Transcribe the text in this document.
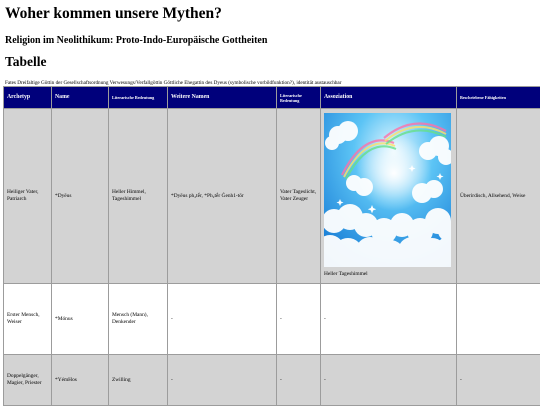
Woher kommen unsere Mythen?
Religion im Neolithikum: Proto-Indo-Europäische Gottheiten
Tabelle
Fates Dreifaltige Göttin der Gesellschaftsordnung Verwesungs/Verfallgöttin Göttliche Ehegattin des Dyeus (symbolische vorbildfunktion?), identität austauschbar
Archetyp	Name	Literarische Bedeutung	Weitere Namen	Literarische Bedeutung	Assoziation	Beschriebene Fähigkeiten
Heiliger Vater, Patriarch	*Dyēus	Heller Himmel, Tageshimmel	*Dyēus ph₂tḗr, *Ph₂tḗr Ǵenh1-tōr	Vater Tageslicht, Vater Zeuger	Heller Tageshimmel	Überirdisch, Allsehend, Weise
Erster Mensch, Weiser	*Mónus	Mensch (Mann), Denkender	-	-	-	
Doppelgänger, Magier, Priester	*YémHos	Zwilling	-	-	-	-
